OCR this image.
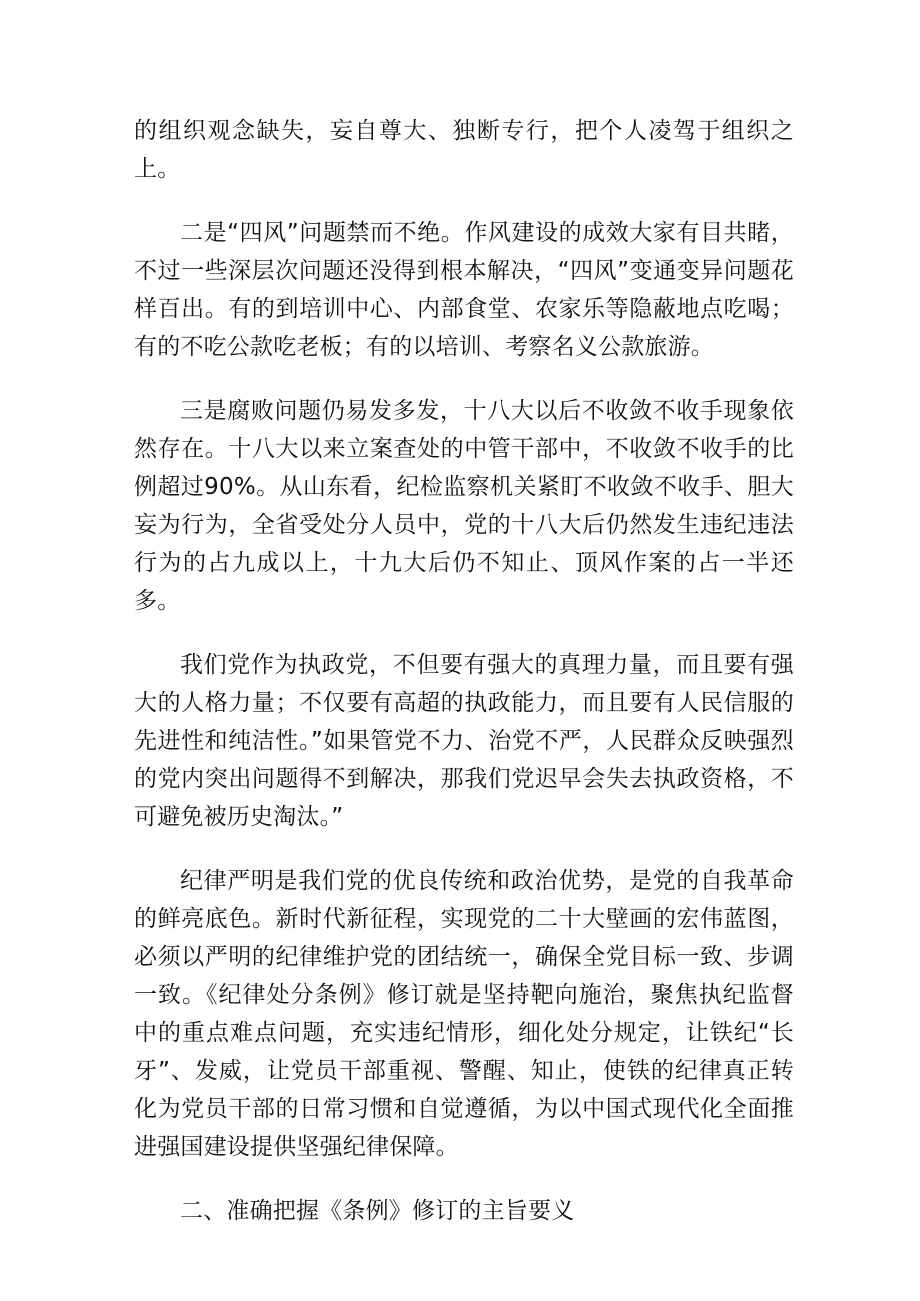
的组织观念缺失，妄自尊大、独断专行，把个人凌驾于组织之上。

二是“四风”问题禁而不绝。作风建设的成效大家有目共睹，不过一些深层次问题还没得到根本解决，“四风”变通变异问题花样百出。有的到培训中心、内部食堂、农家乐等隐蔽地点吃喝；有的不吃公款吃老板；有的以培训、考察名义公款旅游。

三是腐败问题仍易发多发，十八大以后不收敛不收手现象依然存在。十八大以来立案查处的中管干部中，不收敛不收手的比例超过90%。从山东看，纪检监察机关紧盯不收敛不收手、胆大妄为行为，全省受处分人员中，党的十八大后仍然发生违纪违法行为的占九成以上，十九大后仍不知止、顶风作案的占一半还多。

我们党作为执政党，不但要有强大的真理力量，而且要有强大的人格力量；不仅要有高超的执政能力，而且要有人民信服的先进性和纯洁性。”如果管党不力、治党不严，人民群众反映强烈的党内突出问题得不到解决，那我们党迟早会失去执政资格，不可避免被历史淘汰。”

纪律严明是我们党的优良传统和政治优势，是党的自我革命的鲜亮底色。新时代新征程，实现党的二十大壁画的宏伟蓝图，必须以严明的纪律维护党的团结统一，确保全党目标一致、步调一致。《纪律处分条例》修订就是坚持靶向施治，聚焦执纪监督中的重点难点问题，充实违纪情形，细化处分规定，让铁纪“长牙”、发威，让党员干部重视、警醒、知止，使铁的纪律真正转化为党员干部的日常习惯和自觉遵循，为以中国式现代化全面推进强国建设提供坚强纪律保障。

二、准确把握《条例》修订的主旨要义
